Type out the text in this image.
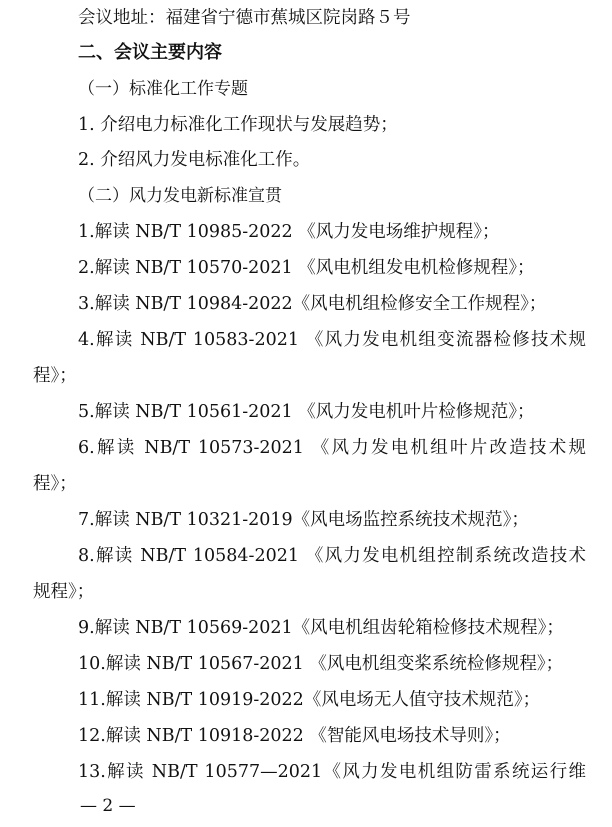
会议地址：福建省宁德市蕉城区院岗路５号
二、会议主要内容
（一）标准化工作专题
1. 介绍电力标准化工作现状与发展趋势；
2. 介绍风力发电标准化工作。
（二）风力发电新标准宣贯
1.解读 NB/T 10985-2022 《风力发电场维护规程》；
2.解读 NB/T 10570-2021 《风电机组发电机检修规程》；
3.解读 NB/T 10984-2022《风电机组检修安全工作规程》；
4.解读 NB/T 10583-2021 《风力发电机组变流器检修技术规
程》；
5.解读 NB/T 10561-2021 《风力发电机叶片检修规范》；
6.解读 NB/T 10573-2021 《风力发电机组叶片改造技术规
程》；
7.解读 NB/T 10321-2019《风电场监控系统技术规范》；
8.解读 NB/T 10584-2021 《风力发电机组控制系统改造技术
规程》；
9.解读 NB/T 10569-2021《风电机组齿轮箱检修技术规程》；
10.解读 NB/T 10567-2021 《风电机组变桨系统检修规程》；
11.解读 NB/T 10919-2022《风电场无人值守技术规范》；
12.解读 NB/T 10918-2022 《智能风电场技术导则》；
13.解读 NB/T 10577—2021《风力发电机组防雷系统运行维
— 2 —
